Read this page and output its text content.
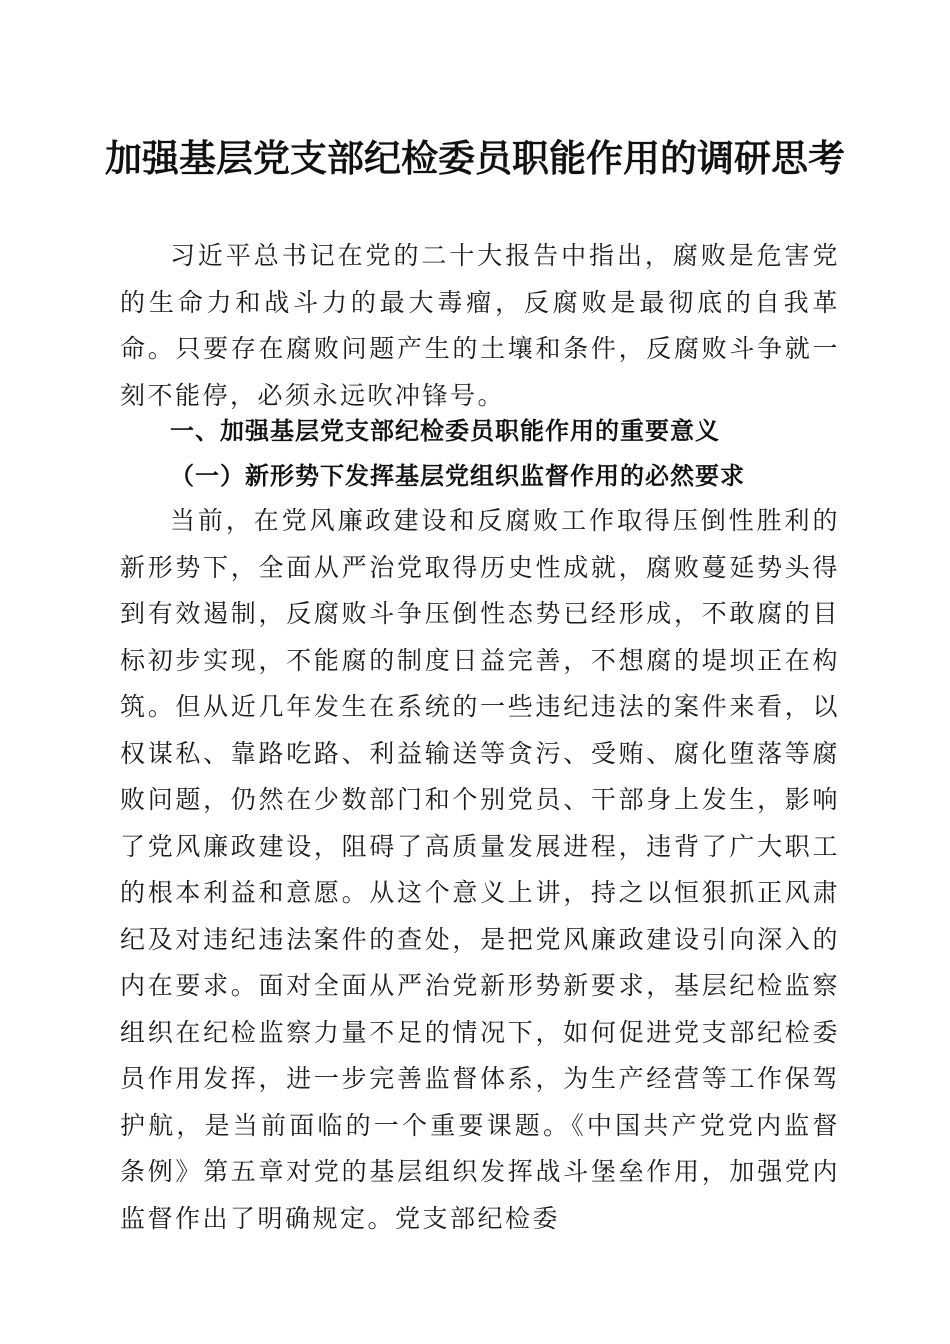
加强基层党支部纪检委员职能作用的调研思考

习近平总书记在党的二十大报告中指出，腐败是危害党的生命力和战斗力的最大毒瘤，反腐败是最彻底的自我革命。只要存在腐败问题产生的土壤和条件，反腐败斗争就一刻不能停，必须永远吹冲锋号。

一、加强基层党支部纪检委员职能作用的重要意义
（一）新形势下发挥基层党组织监督作用的必然要求

当前，在党风廉政建设和反腐败工作取得压倒性胜利的新形势下，全面从严治党取得历史性成就，腐败蔓延势头得到有效遏制，反腐败斗争压倒性态势已经形成，不敢腐的目标初步实现，不能腐的制度日益完善，不想腐的堤坝正在构筑。但从近几年发生在系统的一些违纪违法的案件来看，以权谋私、靠路吃路、利益输送等贪污、受贿、腐化堕落等腐败问题，仍然在少数部门和个别党员、干部身上发生，影响了党风廉政建设，阻碍了高质量发展进程，违背了广大职工的根本利益和意愿。从这个意义上讲，持之以恒狠抓正风肃纪及对违纪违法案件的查处，是把党风廉政建设引向深入的内在要求。面对全面从严治党新形势新要求，基层纪检监察组织在纪检监察力量不足的情况下，如何促进党支部纪检委员作用发挥，进一步完善监督体系，为生产经营等工作保驾护航，是当前面临的一个重要课题。《中国共产党党内监督条例》第五章对党的基层组织发挥战斗堡垒作用，加强党内监督作出了明确规定。党支部纪检委
